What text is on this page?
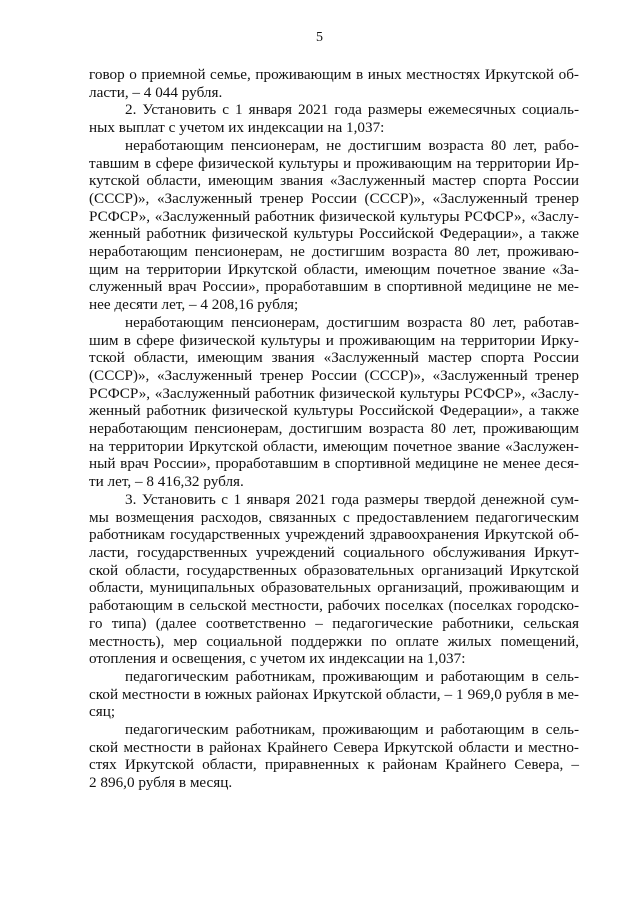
5
говор о приемной семье, проживающим в иных местностях Иркутской об-
ласти, – 4 044 рубля.
2. Установить с 1 января 2021 года размеры ежемесячных социаль-
ных выплат с учетом их индексации на 1,037:
неработающим пенсионерам, не достигшим возраста 80 лет, рабо-
тавшим в сфере физической культуры и проживающим на территории Ир-
кутской области, имеющим звания «Заслуженный мастер спорта России
(СССР)», «Заслуженный тренер России (СССР)», «Заслуженный тренер
РСФСР», «Заслуженный работник физической культуры РСФСР», «Заслу-
женный работник физической культуры Российской Федерации», а также
неработающим пенсионерам, не достигшим возраста 80 лет, проживаю-
щим на территории Иркутской области, имеющим почетное звание «За-
служенный врач России», проработавшим в спортивной медицине не ме-
нее десяти лет, – 4 208,16 рубля;
неработающим пенсионерам, достигшим возраста 80 лет, работав-
шим в сфере физической культуры и проживающим на территории Ирку-
тской области, имеющим звания «Заслуженный мастер спорта России
(СССР)», «Заслуженный тренер России (СССР)», «Заслуженный тренер
РСФСР», «Заслуженный работник физической культуры РСФСР», «Заслу-
женный работник физической культуры Российской Федерации», а также
неработающим пенсионерам, достигшим возраста 80 лет, проживающим
на территории Иркутской области, имеющим почетное звание «Заслужен-
ный врач России», проработавшим в спортивной медицине не менее деся-
ти лет, – 8 416,32 рубля.
3. Установить с 1 января 2021 года размеры твердой денежной сум-
мы возмещения расходов, связанных с предоставлением педагогическим
работникам государственных учреждений здравоохранения Иркутской об-
ласти, государственных учреждений социального обслуживания Иркут-
ской области, государственных образовательных организаций Иркутской
области, муниципальных образовательных организаций, проживающим и
работающим в сельской местности, рабочих поселках (поселках городско-
го типа) (далее соответственно – педагогические работники, сельская
местность), мер социальной поддержки по оплате жилых помещений,
отопления и освещения, с учетом их индексации на 1,037:
педагогическим работникам, проживающим и работающим в сель-
ской местности в южных районах Иркутской области, – 1 969,0 рубля в ме-
сяц;
педагогическим работникам, проживающим и работающим в сель-
ской местности в районах Крайнего Севера Иркутской области и местно-
стях Иркутской области, приравненных к районам Крайнего Севера, –
2 896,0 рубля в месяц.
